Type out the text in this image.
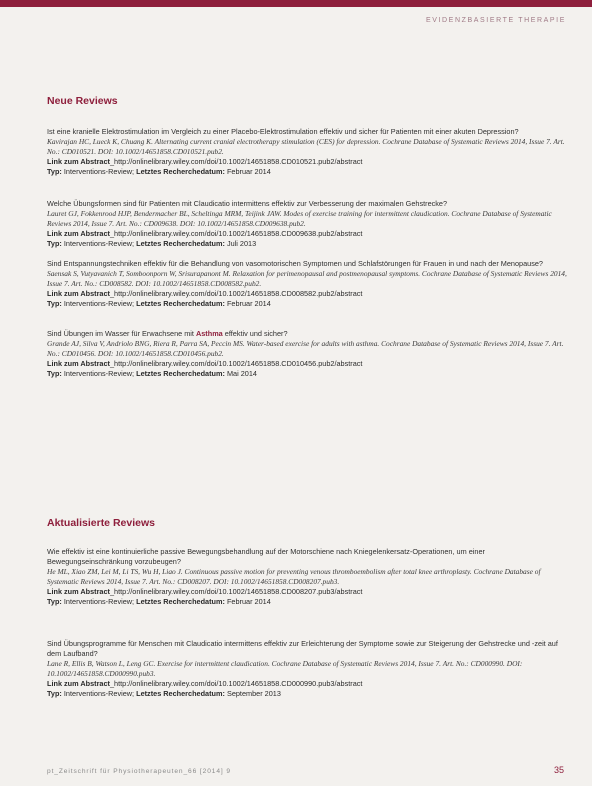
EVIDENZBASIERTE THERAPIE
Neue Reviews

Ist eine kranielle Elektrostimulation im Vergleich zu einer Placebo-Elektrostimulation effektiv und sicher für Patienten mit einer akuten Depression?

Kavirajan HC, Lueck K, Chuang K. Alternating current cranial electrotherapy stimulation (CES) for depression. Cochrane Database of Systematic Reviews 2014, Issue 7. Art. No.: CD010521. DOI: 10.1002/14651858.CD010521.pub2.

Link zum Abstract_http://onlinelibrary.wiley.com/doi/10.1002/14651858.CD010521.pub2/abstract

Typ: Interventions-Review; Letztes Recherchedatum: Februar 2014

Welche Übungsformen sind für Patienten mit Claudicatio intermittens effektiv zur Verbesserung der maximalen Gehstrecke?

Lauret GJ, Fokkenrood HJP, Bendermacher BL, Scheltinga MRM, Teijink JAW. Modes of exercise training for intermittent claudication. Cochrane Database of Systematic Reviews 2014, Issue 7. Art. No.: CD009638. DOI: 10.1002/14651858.CD009638.pub2.

Link zum Abstract_http://onlinelibrary.wiley.com/doi/10.1002/14651858.CD009638.pub2/abstract

Typ: Interventions-Review; Letztes Recherchedatum: Juli 2013

Sind Entspannungstechniken effektiv für die Behandlung von vasomotorischen Symptomen und Schlafstörungen für Frauen in und nach der Menopause?

Saensak S, Vutyavanich T, Somboonporn W, Srisurapanont M. Relaxation for perimenopausal and postmenopausal symptoms. Cochrane Database of Systematic Reviews 2014, Issue 7. Art. No.: CD008582. DOI: 10.1002/14651858.CD008582.pub2.

Link zum Abstract_http://onlinelibrary.wiley.com/doi/10.1002/14651858.CD008582.pub2/abstract

Typ: Interventions-Review; Letztes Recherchedatum: Februar 2014

Sind Übungen im Wasser für Erwachsene mit Asthma effektiv und sicher?

Grande AJ, Silva V, Andriolo BNG, Riera R, Parra SA, Peccin MS. Water-based exercise for adults with asthma. Cochrane Database of Systematic Reviews 2014, Issue 7. Art. No.: CD010456. DOI: 10.1002/14651858.CD010456.pub2.

Link zum Abstract_http://onlinelibrary.wiley.com/doi/10.1002/14651858.CD010456.pub2/abstract

Typ: Interventions-Review; Letztes Recherchedatum: Mai 2014

Aktualisierte Reviews

Wie effektiv ist eine kontinuierliche passive Bewegungsbehandlung auf der Motorschiene nach Kniegelenkersatz-Operationen, um einer Bewegungseinschränkung vorzubeugen?

He ML, Xiao ZM, Lei M, Li TS, Wu H, Liao J. Continuous passive motion for preventing venous thromboembolism after total knee arthroplasty. Cochrane Database of Systematic Reviews 2014, Issue 7. Art. No.: CD008207. DOI: 10.1002/14651858.CD008207.pub3.

Link zum Abstract_http://onlinelibrary.wiley.com/doi/10.1002/14651858.CD008207.pub3/abstract

Typ: Interventions-Review; Letztes Recherchedatum: Februar 2014

Sind Übungsprogramme für Menschen mit Claudicatio intermittens effektiv zur Erleichterung der Symptome sowie zur Steigerung der Gehstrecke und -zeit auf dem Laufband?

Lane R, Ellis B, Watson L, Leng GC. Exercise for intermittent claudication. Cochrane Database of Systematic Reviews 2014, Issue 7. Art. No.: CD000990. DOI: 10.1002/14651858.CD000990.pub3.

Link zum Abstract_http://onlinelibrary.wiley.com/doi/10.1002/14651858.CD000990.pub3/abstract

Typ: Interventions-Review; Letztes Recherchedatum: September 2013

pt_Zeitschrift für Physiotherapeuten_66 [2014] 9	35
